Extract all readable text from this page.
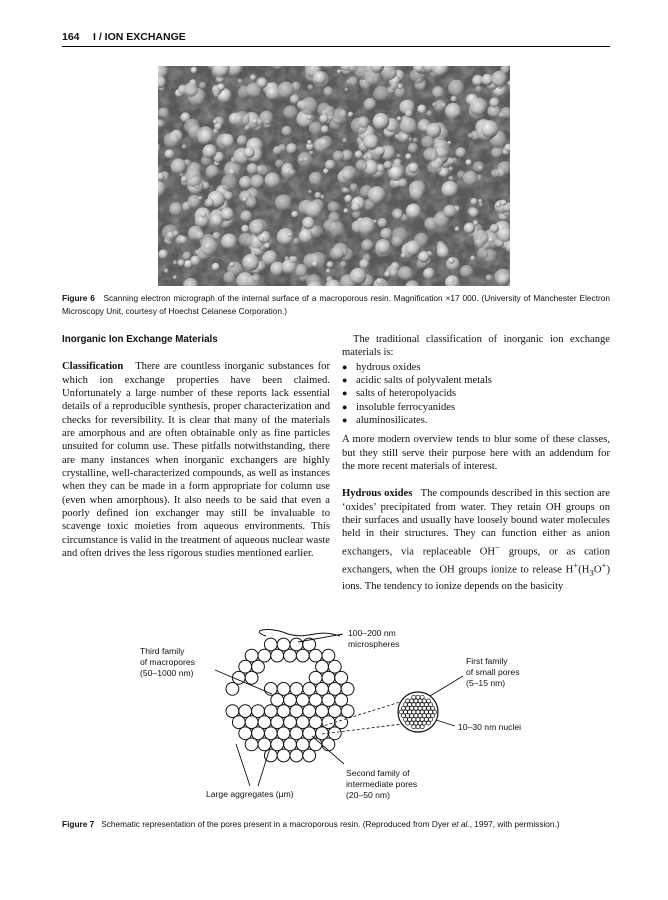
164 I / ION EXCHANGE
Figure 6 Scanning electron micrograph of the internal surface of a macroporous resin. Magnification ×17 000. (University of Manchester Electron Microscopy Unit, courtesy of Hoechst Celanese Corporation.)

Inorganic Ion Exchange Materials

Classification There are countless inorganic substances for which ion exchange properties have been claimed. Unfortunately a large number of these reports lack essential details of a reproducible synthesis, proper characterization and checks for reversibility. It is clear that many of the materials are amorphous and are often obtainable only as fine particles unsuited for column use. These pitfalls notwithstanding, there are many instances when inorganic exchangers are highly crystalline, well-characterized compounds, as well as instances when they can be made in a form appropriate for column use (even when amorphous). It also needs to be said that even a poorly defined ion exchanger may still be invaluable to scavenge toxic moieties from aqueous environments. This circumstance is valid in the treatment of aqueous nuclear waste and often drives the less rigorous studies mentioned earlier.

The traditional classification of inorganic ion exchange materials is:

● hydrous oxides
● acidic salts of polyvalent metals
● salts of heteropolyacids
● insoluble ferrocyanides
● aluminosilicates.

A more modern overview tends to blur some of these classes, but they still serve their purpose here with an addendum for the more recent materials of interest.

Hydrous oxides The compounds described in this section are ‘oxides’ precipitated from water. They retain OH groups on their surfaces and usually have loosely bound water molecules held in their structures. They can function either as anion exchangers, via replaceable OH− groups, or as cation exchangers, when the OH groups ionize to release $H^+(H_3O^+)$ ions. The tendency to ionize depends on the basicity

100–200 nm
microspheres
Third family
of macropores
(50–1000 nm)
First family
of small pores
(5–15 nm)
10–30 nm nuclei
Second family of
intermediate pores
(20–50 nm)
Large aggregates (μm)
Figure 7 Schematic representation of the pores present in a macroporous resin. (Reproduced from Dyer et al., 1997, with permission.)
